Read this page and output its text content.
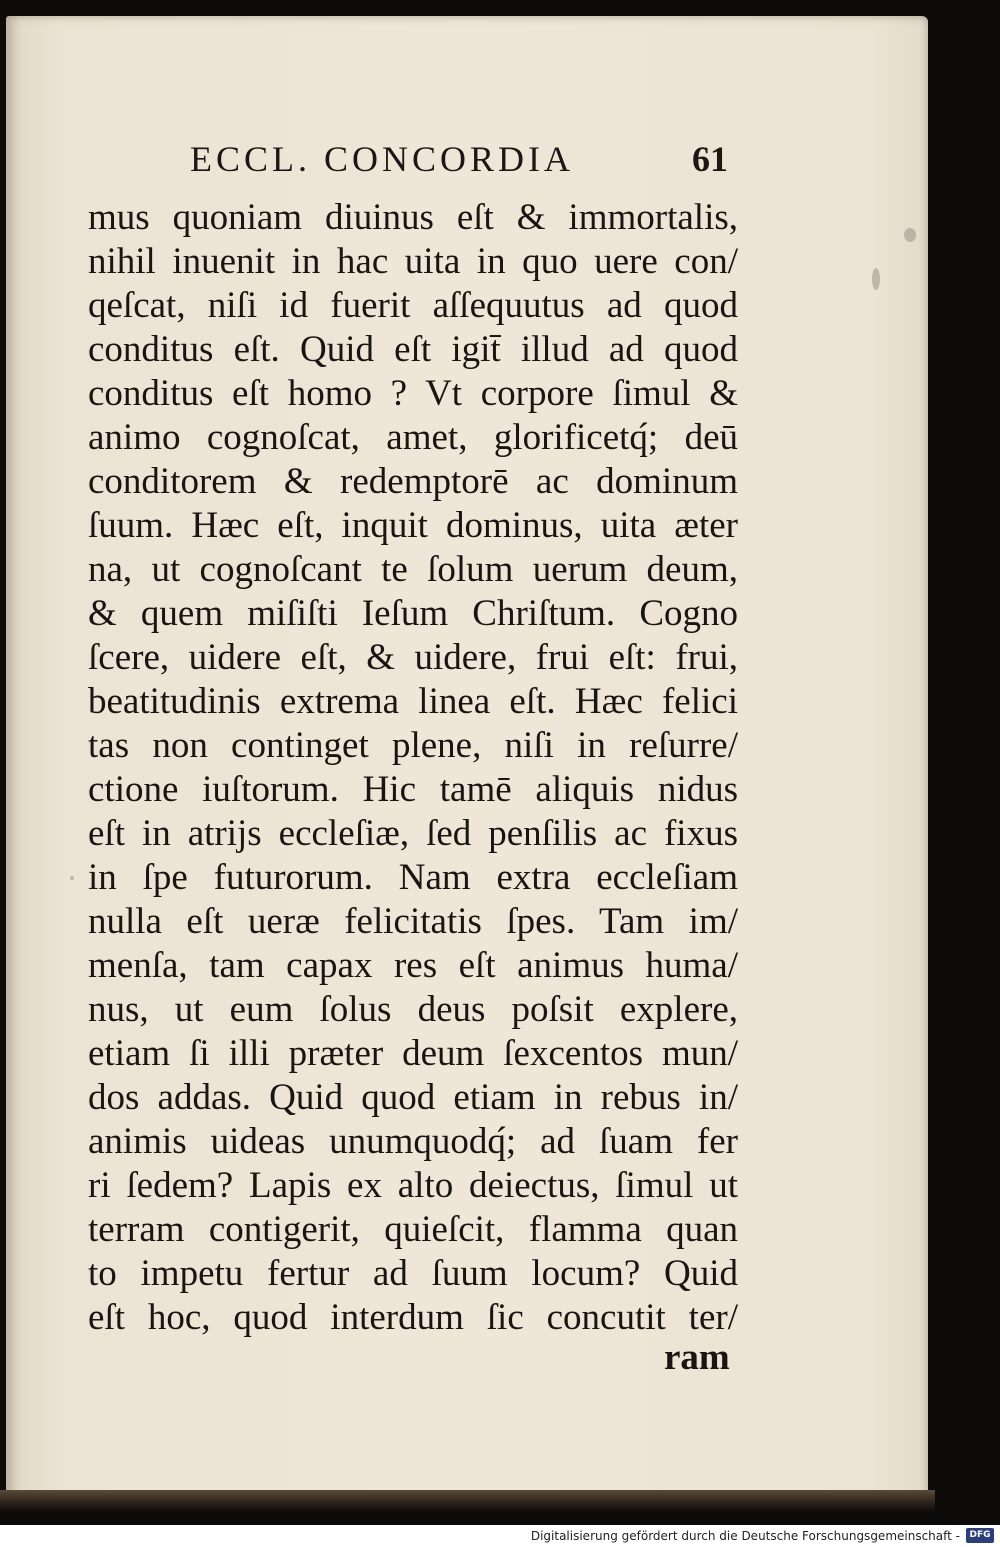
ECCL. CONCORDIA	61
mus quoniam diuinus eſt & immortalis,
nihil inuenit in hac uita in quo uere con/
qeſcat, niſi id fuerit aſſequutus ad quod
conditus eſt. Quid eſt igit̄ illud ad quod
conditus eſt homo ? Vt corpore ſimul &
animo cognoſcat, amet, glorificetq́; deū
conditorem & redemptorē ac dominum
ſuum. Hæc eſt, inquit dominus, uita æter
na, ut cognoſcant te ſolum uerum deum,
& quem miſiſti Ieſum Chriſtum. Cogno
ſcere, uidere eſt, & uidere, frui eſt: frui,
beatitudinis extrema linea eſt. Hæc felici
tas non continget plene, niſi in reſurre/
ctione iuſtorum. Hic tamē aliquis nidus
eſt in atrijs eccleſiæ, ſed penſilis ac fixus
in ſpe futurorum. Nam extra eccleſiam
nulla eſt ueræ felicitatis ſpes. Tam im/
menſa, tam capax res eſt animus huma/
nus, ut eum ſolus deus poſsit explere,
etiam ſi illi præter deum ſexcentos mun/
dos addas. Quid quod etiam in rebus in/
animis uideas unumquodq́; ad ſuam fer
ri ſedem? Lapis ex alto deiectus, ſimul ut
terram contigerit, quieſcit, flamma quan
to impetu fertur ad ſuum locum? Quid
eſt hoc, quod interdum ſic concutit ter/
ram
Digitalisierung gefördert durch die Deutsche Forschungsgemeinschaft -	DFG
